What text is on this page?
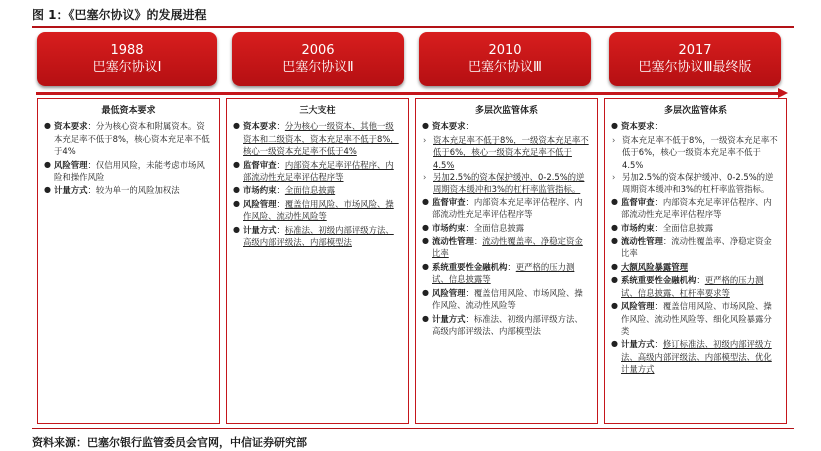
图 1：《巴塞尔协议》的发展进程
1988
巴塞尔协议Ⅰ
2006
巴塞尔协议Ⅱ
2010
巴塞尔协议Ⅲ
2017
巴塞尔协议Ⅲ最终版
最低资本要求
● 资本要求：分为核心资本和附属资本。资本充足率不低于8%，核心资本充足率不低于4%
● 风险管理：仅信用风险，未能考虑市场风险和操作风险
● 计量方式：较为单一的风险加权法
三大支柱
● 资本要求：分为核心一级资本、其他一级资本和二级资本，资本充足率不低于8%，核心一级资本充足率不低于4%
● 监督审查：内部资本充足率评估程序、内部流动性充足率评估程序等
● 市场约束：全面信息披露
● 风险管理：覆盖信用风险、市场风险、操作风险、流动性风险等
● 计量方式：标准法、初级内部评级方法、高级内部评级法、内部模型法
多层次监管体系
● 资本要求：
› 资本充足率不低于8%，一级资本充足率不低于6%，核心一级资本充足率不低于4.5%
› 另加2.5%的资本保护缓冲、0-2.5%的逆周期资本缓冲和3%的杠杆率监管指标。
● 监督审查：内部资本充足率评估程序、内部流动性充足率评估程序等
● 市场约束：全面信息披露
● 流动性管理：流动性覆盖率、净稳定资金比率
● 系统重要性金融机构：更严格的压力测试、信息披露等
● 风险管理：覆盖信用风险、市场风险、操作风险、流动性风险等
● 计量方式：标准法、初级内部评级方法、高级内部评级法、内部模型法
多层次监管体系
● 资本要求：
› 资本充足率不低于8%，一级资本充足率不低于6%，核心一级资本充足率不低于4.5%
› 另加2.5%的资本保护缓冲、0-2.5%的逆周期资本缓冲和3%的杠杆率监管指标。
● 监督审查：内部资本充足率评估程序、内部流动性充足率评估程序等
● 市场约束：全面信息披露
● 流动性管理：流动性覆盖率、净稳定资金比率
● 大额风险暴露管理
● 系统重要性金融机构：更严格的压力测试、信息披露、杠杆率要求等
● 风险管理：覆盖信用风险、市场风险、操作风险、流动性风险等、细化风险暴露分类
● 计量方式：修订标准法、初级内部评级方法、高级内部评级法、内部模型法、优化计量方式
资料来源：巴塞尔银行监管委员会官网，中信证券研究部
